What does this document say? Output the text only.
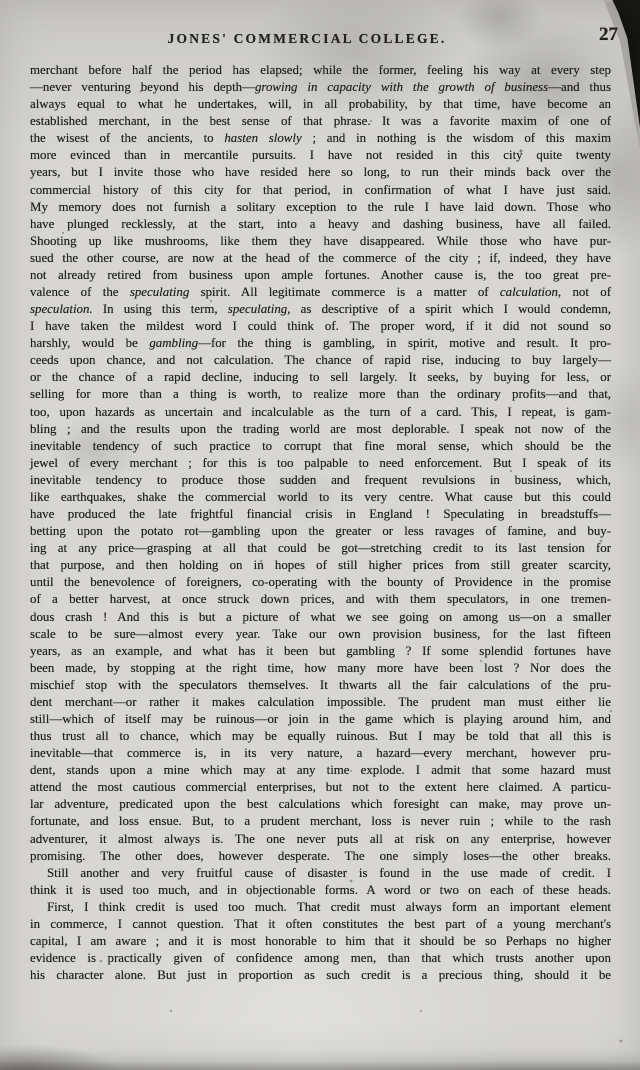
JONES' COMMERCIAL COLLEGE.	27
merchant before half the period has elapsed; while the former, feeling his way at every step
—never venturing beyond his depth—growing in capacity with the growth of business—and thus
always equal to what he undertakes, will, in all probability, by that time, have become an
established merchant, in the best sense of that phrase. It was a favorite maxim of one of
the wisest of the ancients, to hasten slowly ; and in nothing is the wisdom of this maxim
more evinced than in mercantile pursuits. I have not resided in this city quite twenty
years, but I invite those who have resided here so long, to run their minds back over the
commercial history of this city for that period, in confirmation of what I have just said.
My memory does not furnish a solitary exception to the rule I have laid down. Those who
have plunged recklessly, at the start, into a heavy and dashing business, have all failed.
Shooting up like mushrooms, like them they have disappeared. While those who have pur-
sued the other course, are now at the head of the commerce of the city ; if, indeed, they have
not already retired from business upon ample fortunes. Another cause is, the too great pre-
valence of the speculating spirit. All legitimate commerce is a matter of calculation, not of
speculation. In using this term, speculating, as descriptive of a spirit which I would condemn,
I have taken the mildest word I could think of. The proper word, if it did not sound so
harshly, would be gambling—for the thing is gambling, in spirit, motive and result. It pro-
ceeds upon chance, and not calculation. The chance of rapid rise, inducing to buy largely—
or the chance of a rapid decline, inducing to sell largely. It seeks, by buying for less, or
selling for more than a thing is worth, to realize more than the ordinary profits—and that,
too, upon hazards as uncertain and incalculable as the turn of a card. This, I repeat, is gam-
bling ; and the results upon the trading world are most deplorable. I speak not now of the
inevitable tendency of such practice to corrupt that fine moral sense, which should be the
jewel of every merchant ; for this is too palpable to need enforcement. But I speak of its
inevitable tendency to produce those sudden and frequent revulsions in business, which,
like earthquakes, shake the commercial world to its very centre. What cause but this could
have produced the late frightful financial crisis in England ! Speculating in breadstuffs—
betting upon the potato rot—gambling upon the greater or less ravages of famine, and buy-
ing at any price—grasping at all that could be got—stretching credit to its last tension for
that purpose, and then holding on in hopes of still higher prices from still greater scarcity,
until the benevolence of foreigners, co-operating with the bounty of Providence in the promise
of a better harvest, at once struck down prices, and with them speculators, in one tremen-
dous crash ! And this is but a picture of what we see going on among us—on a smaller
scale to be sure—almost every year. Take our own provision business, for the last fifteen
years, as an example, and what has it been but gambling ? If some splendid fortunes have
been made, by stopping at the right time, how many more have been lost ? Nor does the
mischief stop with the speculators themselves. It thwarts all the fair calculations of the pru-
dent merchant—or rather it makes calculation impossible. The prudent man must either lie
still—which of itself may be ruinous—or join in the game which is playing around him, and
thus trust all to chance, which may be equally ruinous. But I may be told that all this is
inevitable—that commerce is, in its very nature, a hazard—every merchant, however pru-
dent, stands upon a mine which may at any time explode. I admit that some hazard must
attend the most cautious commercial enterprises, but not to the extent here claimed. A particu-
lar adventure, predicated upon the best calculations which foresight can make, may prove un-
fortunate, and loss ensue. But, to a prudent merchant, loss is never ruin ; while to the rash
adventurer, it almost always is. The one never puts all at risk on any enterprise, however
promising. The other does, however desperate. The one simply loses—the other breaks.
Still another and very fruitful cause of disaster is found in the use made of credit. I
think it is used too much, and in objectionable forms. A word or two on each of these heads.
First, I think credit is used too much. That credit must always form an important element
in commerce, I cannot question. That it often constitutes the best part of a young merchant's
capital, I am aware ; and it is most honorable to him that it should be so Perhaps no higher
evidence is practically given of confidence among men, than that which trusts another upon
his character alone. But just in proportion as such credit is a precious thing, should it be
